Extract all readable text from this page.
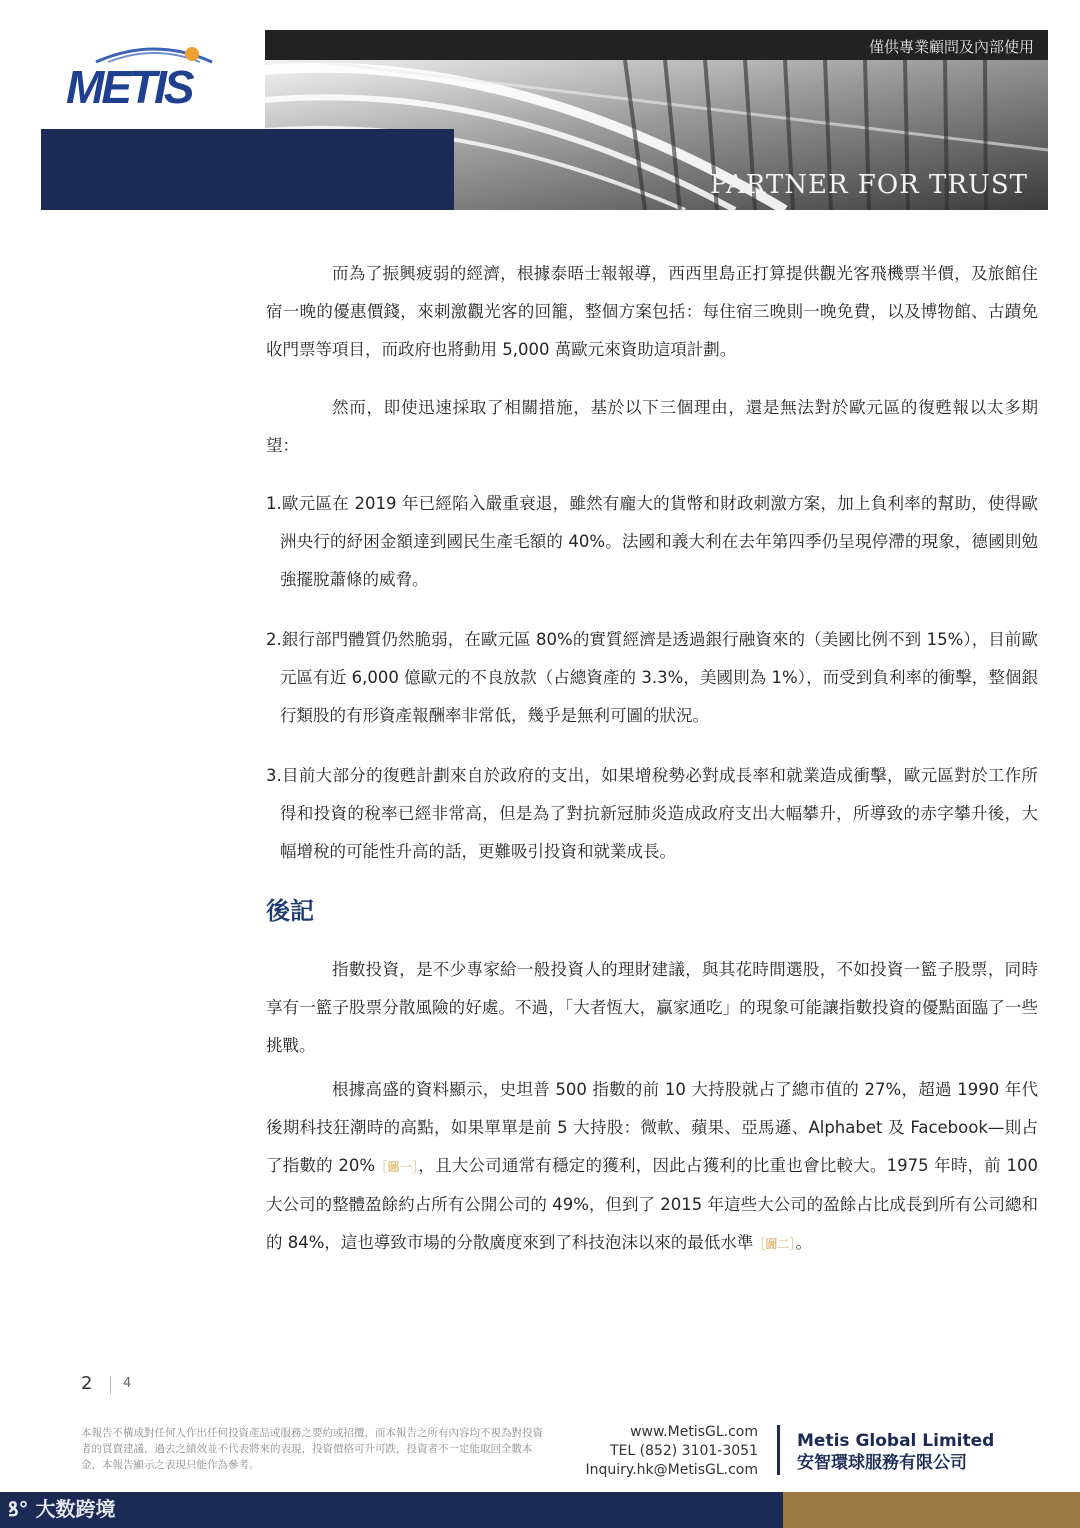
METIS
僅供專業顧問及內部使用
PARTNER FOR TRUST

而為了振興疲弱的經濟，根據泰晤士報報導，西西里島正打算提供觀光客飛機票半價，及旅館住宿一晚的優惠價錢，來刺激觀光客的回籠，整個方案包括：每住宿三晚則一晚免費，以及博物館、古蹟免收門票等項目，而政府也將動用 5,000 萬歐元來資助這項計劃。

然而，即使迅速採取了相關措施，基於以下三個理由，還是無法對於歐元區的復甦報以太多期望：

1.歐元區在 2019 年已經陷入嚴重衰退，雖然有龐大的貨幣和財政刺激方案，加上負利率的幫助，使得歐洲央行的紓困金額達到國民生產毛額的 40%。法國和義大利在去年第四季仍呈現停滯的現象，德國則勉強擺脫蕭條的威脅。

2.銀行部門體質仍然脆弱，在歐元區 80%的實質經濟是透過銀行融資來的（美國比例不到 15%），目前歐元區有近 6,000 億歐元的不良放款（占總資產的 3.3%，美國則為 1%），而受到負利率的衝擊，整個銀行類股的有形資產報酬率非常低，幾乎是無利可圖的狀況。

3.目前大部分的復甦計劃來自於政府的支出，如果增稅勢必對成長率和就業造成衝擊，歐元區對於工作所得和投資的稅率已經非常高，但是為了對抗新冠肺炎造成政府支出大幅攀升，所導致的赤字攀升後，大幅增稅的可能性升高的話，更難吸引投資和就業成長。

後記

指數投資，是不少專家給一般投資人的理財建議，與其花時間選股，不如投資一籃子股票，同時享有一籃子股票分散風險的好處。不過，「大者恆大，贏家通吃」的現象可能讓指數投資的優點面臨了一些挑戰。

根據高盛的資料顯示，史坦普 500 指數的前 10 大持股就占了總市值的 27%，超過 1990 年代後期科技狂潮時的高點，如果單單是前 5 大持股：微軟、蘋果、亞馬遜、Alphabet 及 Facebook—則占了指數的 20%［圖一］，且大公司通常有穩定的獲利，因此占獲利的比重也會比較大。1975 年時，前 100 大公司的整體盈餘約占所有公開公司的 49%，但到了 2015 年這些大公司的盈餘占比成長到所有公司總和的 84%，這也導致市場的分散廣度來到了科技泡沫以來的最低水準［圖二］。

2 4
本報告不構成對任何人作出任何投資產品或服務之要約或招攬，而本報告之所有內容均不視為對投資者的買賣建議，過去之績效並不代表將來的表現，投資價格可升可跌，投資者不一定能取回全數本金，本報告顯示之表現只能作為參考。
www.MetisGL.com
TEL (852) 3101-3051
Inquiry.hk@MetisGL.com
Metis Global Limited
安智環球服務有限公司
ꝸ° 大数跨境
